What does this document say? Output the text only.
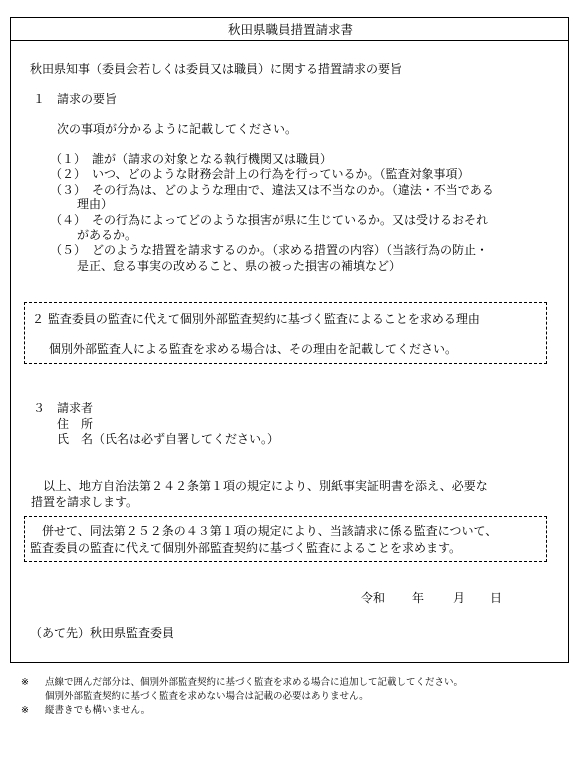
秋田県職員措置請求書
秋田県知事（委員会若しくは委員又は職員）に関する措置請求の要旨
１　請求の要旨
次の事項が分かるように記載してください。
（１）　誰が（請求の対象となる執行機関又は職員）
（２）　いつ、どのような財務会計上の行為を行っているか。（監査対象事項）
（３）　その行為は、どのような理由で、違法又は不当なのか。（違法・不当である
理由）
（４）　その行為によってどのような損害が県に生じているか。又は受けるおそれ
があるか。
（５）　どのような措置を請求するのか。（求める措置の内容）（当該行為の防止・
是正、怠る事実の改めること、県の被った損害の補填など）
２ 監査委員の監査に代えて個別外部監査契約に基づく監査によることを求める理由
個別外部監査人による監査を求める場合は、その理由を記載してください。
３　請求者
住　所
氏　名（氏名は必ず自署してください。）
以上、地方自治法第２４２条第１項の規定により、別紙事実証明書を添え、必要な
措置を請求します。
併せて、同法第２５２条の４３第１項の規定により、当該請求に係る監査について、
監査委員の監査に代えて個別外部監査契約に基づく監査によることを求めます。
令和 年 月 日
（あて先）秋田県監査委員
※ 点線で囲んだ部分は、個別外部監査契約に基づく監査を求める場合に追加して記載してください。
個別外部監査契約に基づく監査を求めない場合は記載の必要はありません。
※ 縦書きでも構いません。
